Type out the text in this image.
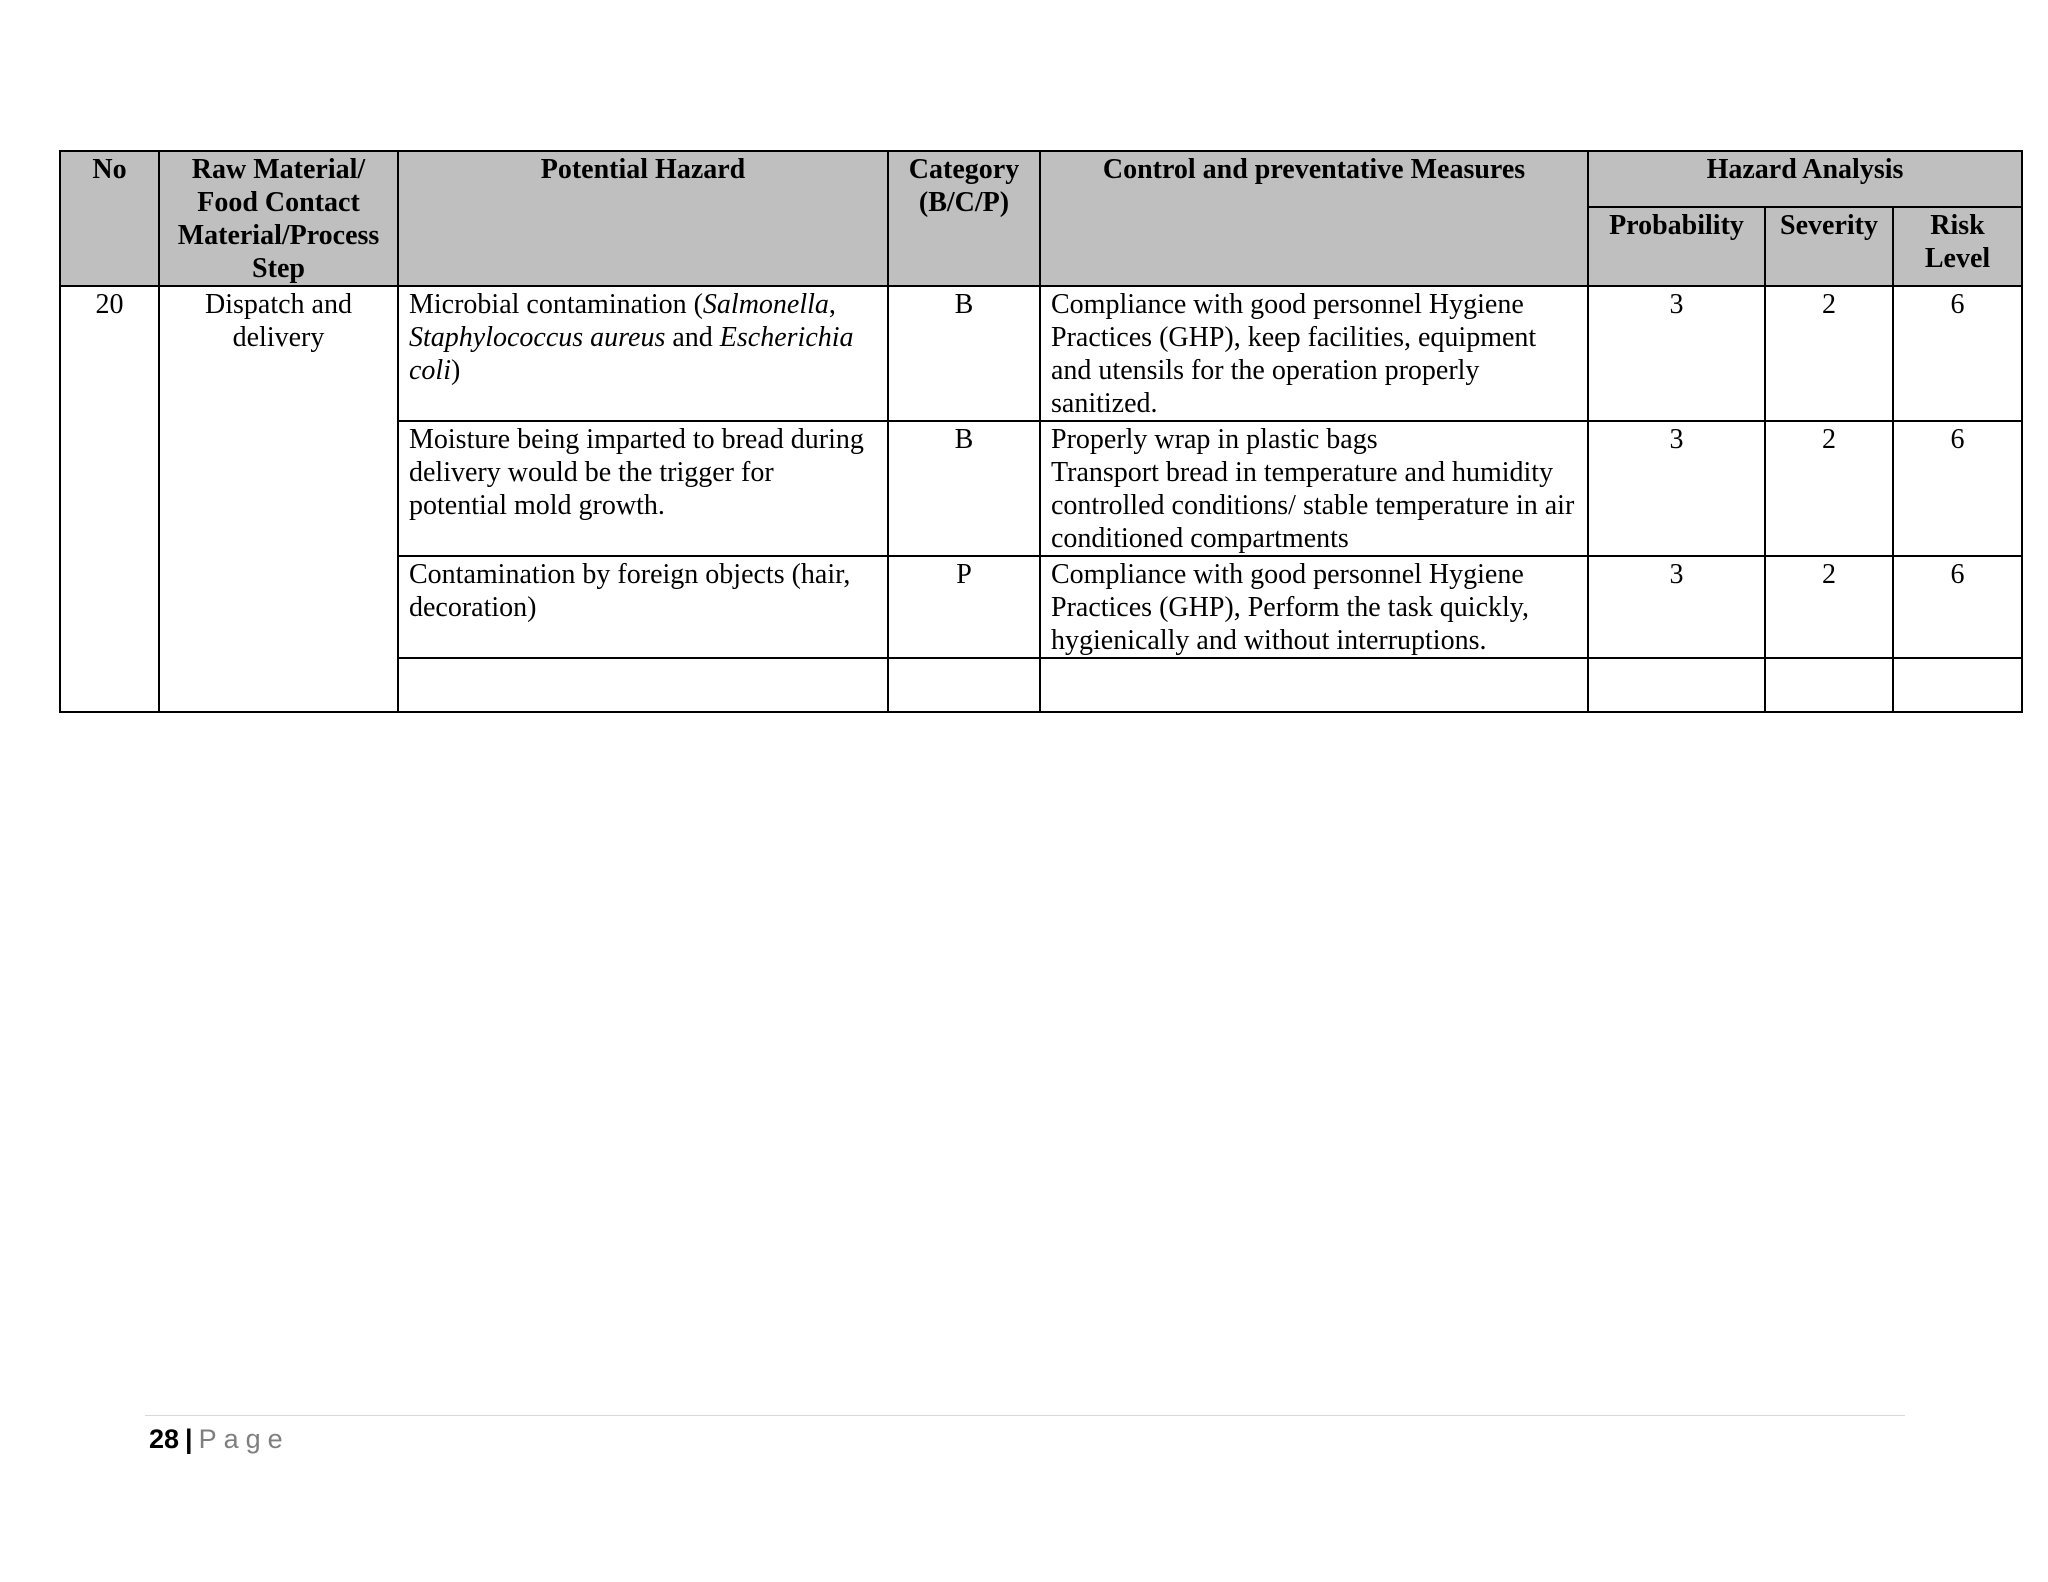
No	Raw Material/ Food Contact Material/Process Step	Potential Hazard	Category (B/C/P)	Control and preventative Measures	Hazard Analysis		
					Probability	Severity	Risk Level
20	Dispatch and delivery	Microbial contamination (Salmonella, Staphylococcus aureus and Escherichia coli)	B	Compliance with good personnel Hygiene Practices (GHP), keep facilities, equipment and utensils for the operation properly sanitized.	3	2	6
		Moisture being imparted to bread during delivery would be the trigger for potential mold growth.	B	Properly wrap in plastic bags
Transport bread in temperature and humidity controlled conditions/ stable temperature in air conditioned compartments	3	2	6
		Contamination by foreign objects (hair, decoration)	P	Compliance with good personnel Hygiene Practices (GHP), Perform the task quickly, hygienically and without interruptions.	3	2	6

28 | Page
